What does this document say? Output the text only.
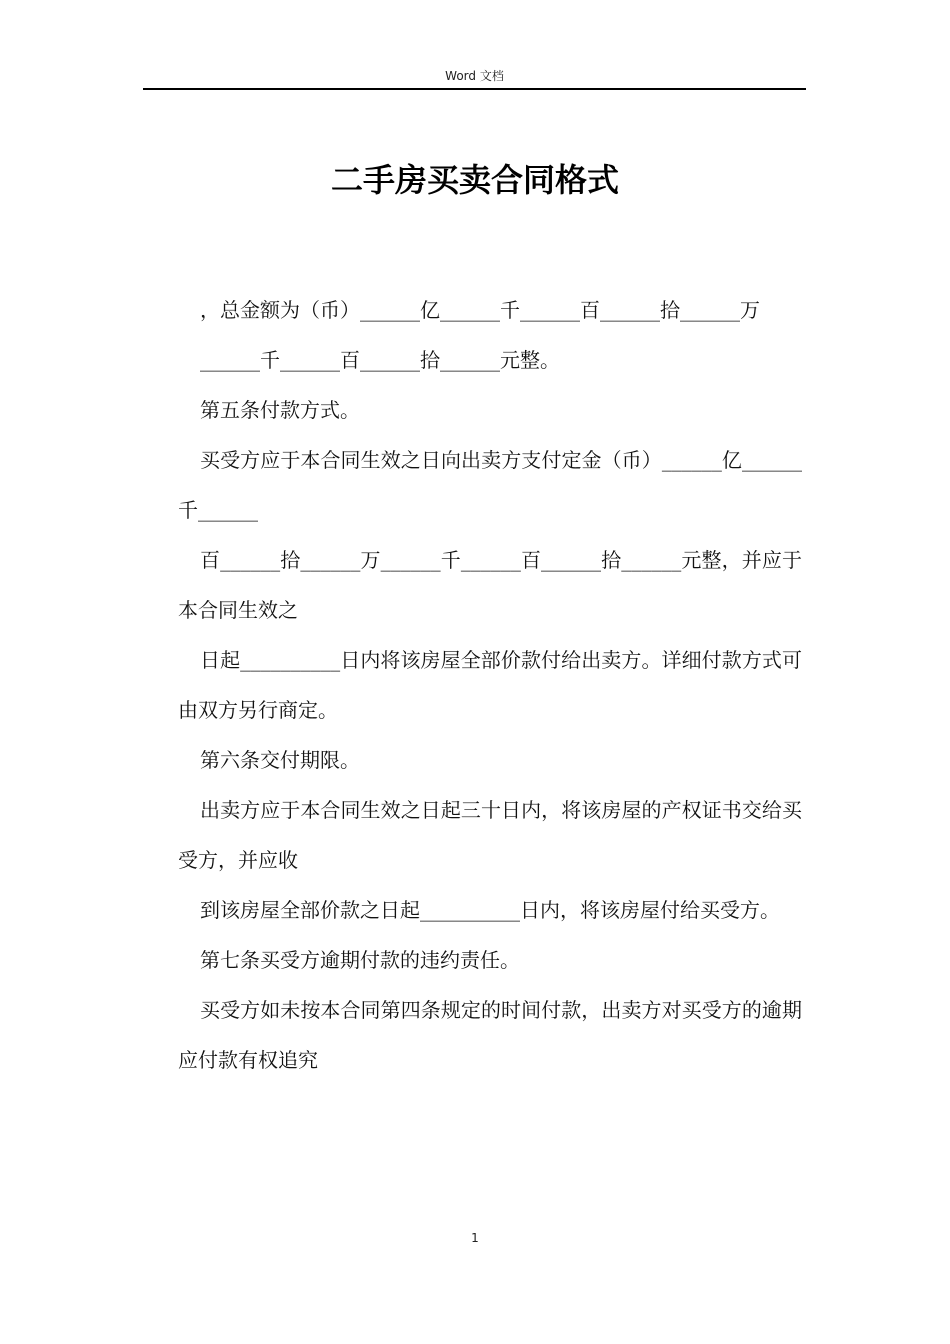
Word 文档
二手房买卖合同格式

，总金额为（币）______亿______千______百______拾______万

______千______百______拾______元整。

第五条付款方式。

买受方应于本合同生效之日向出卖方支付定金（币）______亿______千______

百______拾______万______千______百______拾______元整，并应于本合同生效之

日起__________日内将该房屋全部价款付给出卖方。详细付款方式可由双方另行商定。

第六条交付期限。

出卖方应于本合同生效之日起三十日内，将该房屋的产权证书交给买受方，并应收

到该房屋全部价款之日起__________日内，将该房屋付给买受方。

第七条买受方逾期付款的违约责任。

买受方如未按本合同第四条规定的时间付款，出卖方对买受方的逾期应付款有权追究

1
